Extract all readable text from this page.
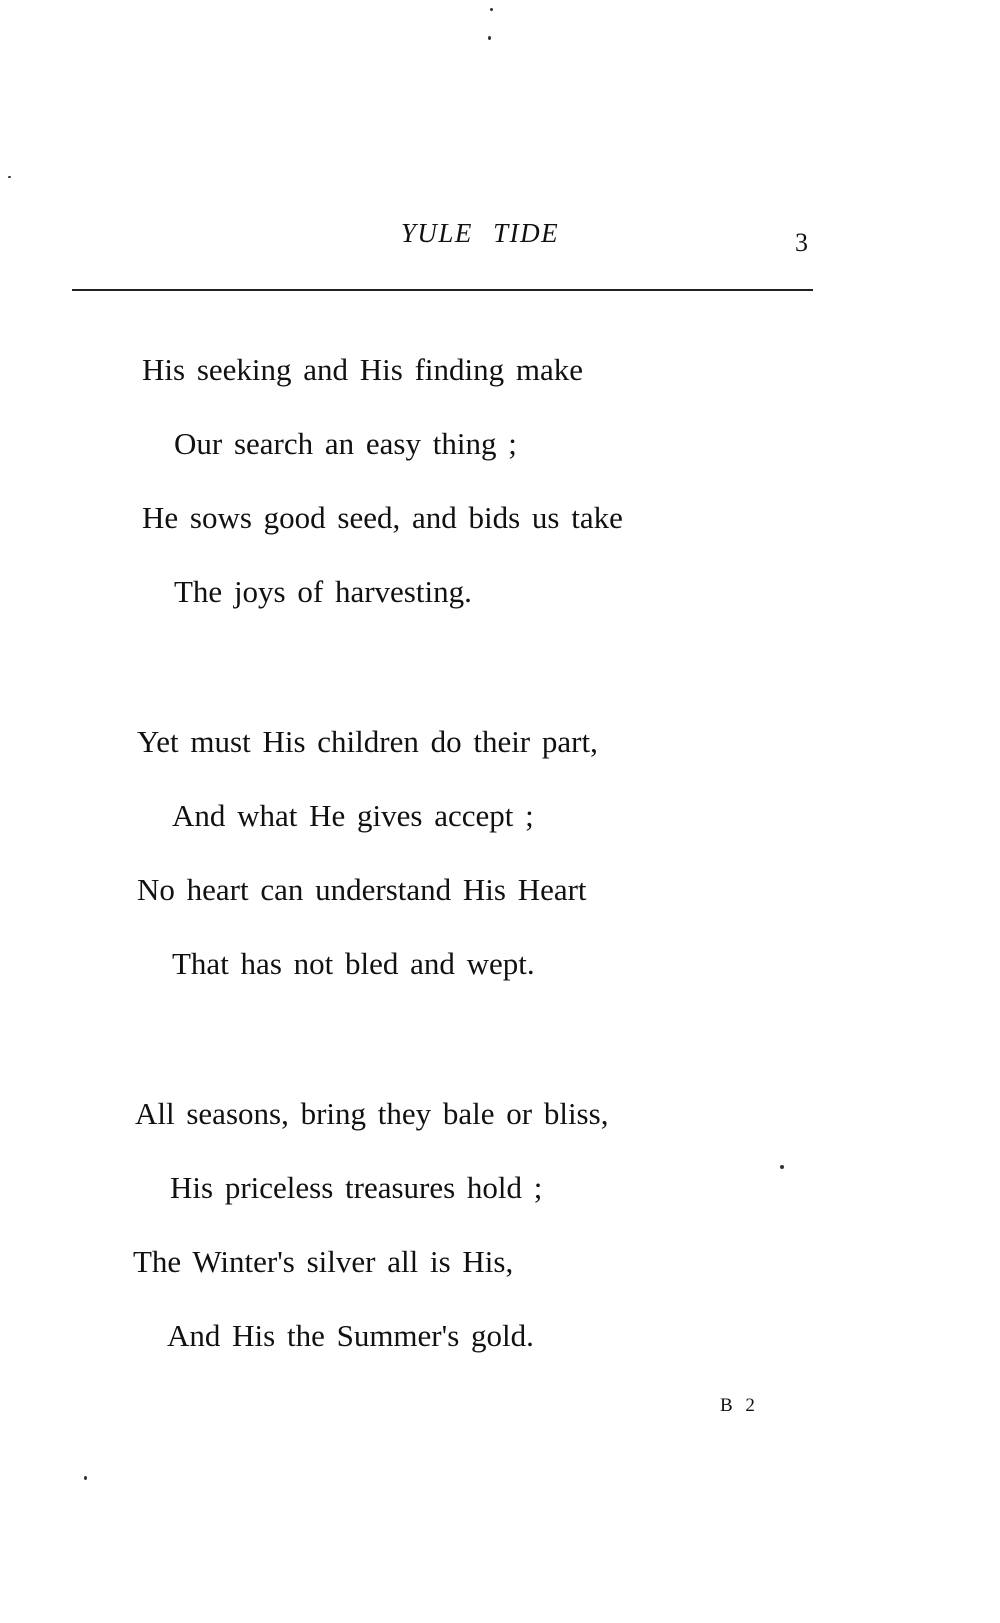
YULE TIDE	3
His seeking and His finding make
Our search an easy thing ;
He sows good seed, and bids us take
The joys of harvesting.
Yet must His children do their part,
And what He gives accept ;
No heart can understand His Heart
That has not bled and wept.
All seasons, bring they bale or bliss,
His priceless treasures hold ;
The Winter's silver all is His,
And His the Summer's gold.
B 2
